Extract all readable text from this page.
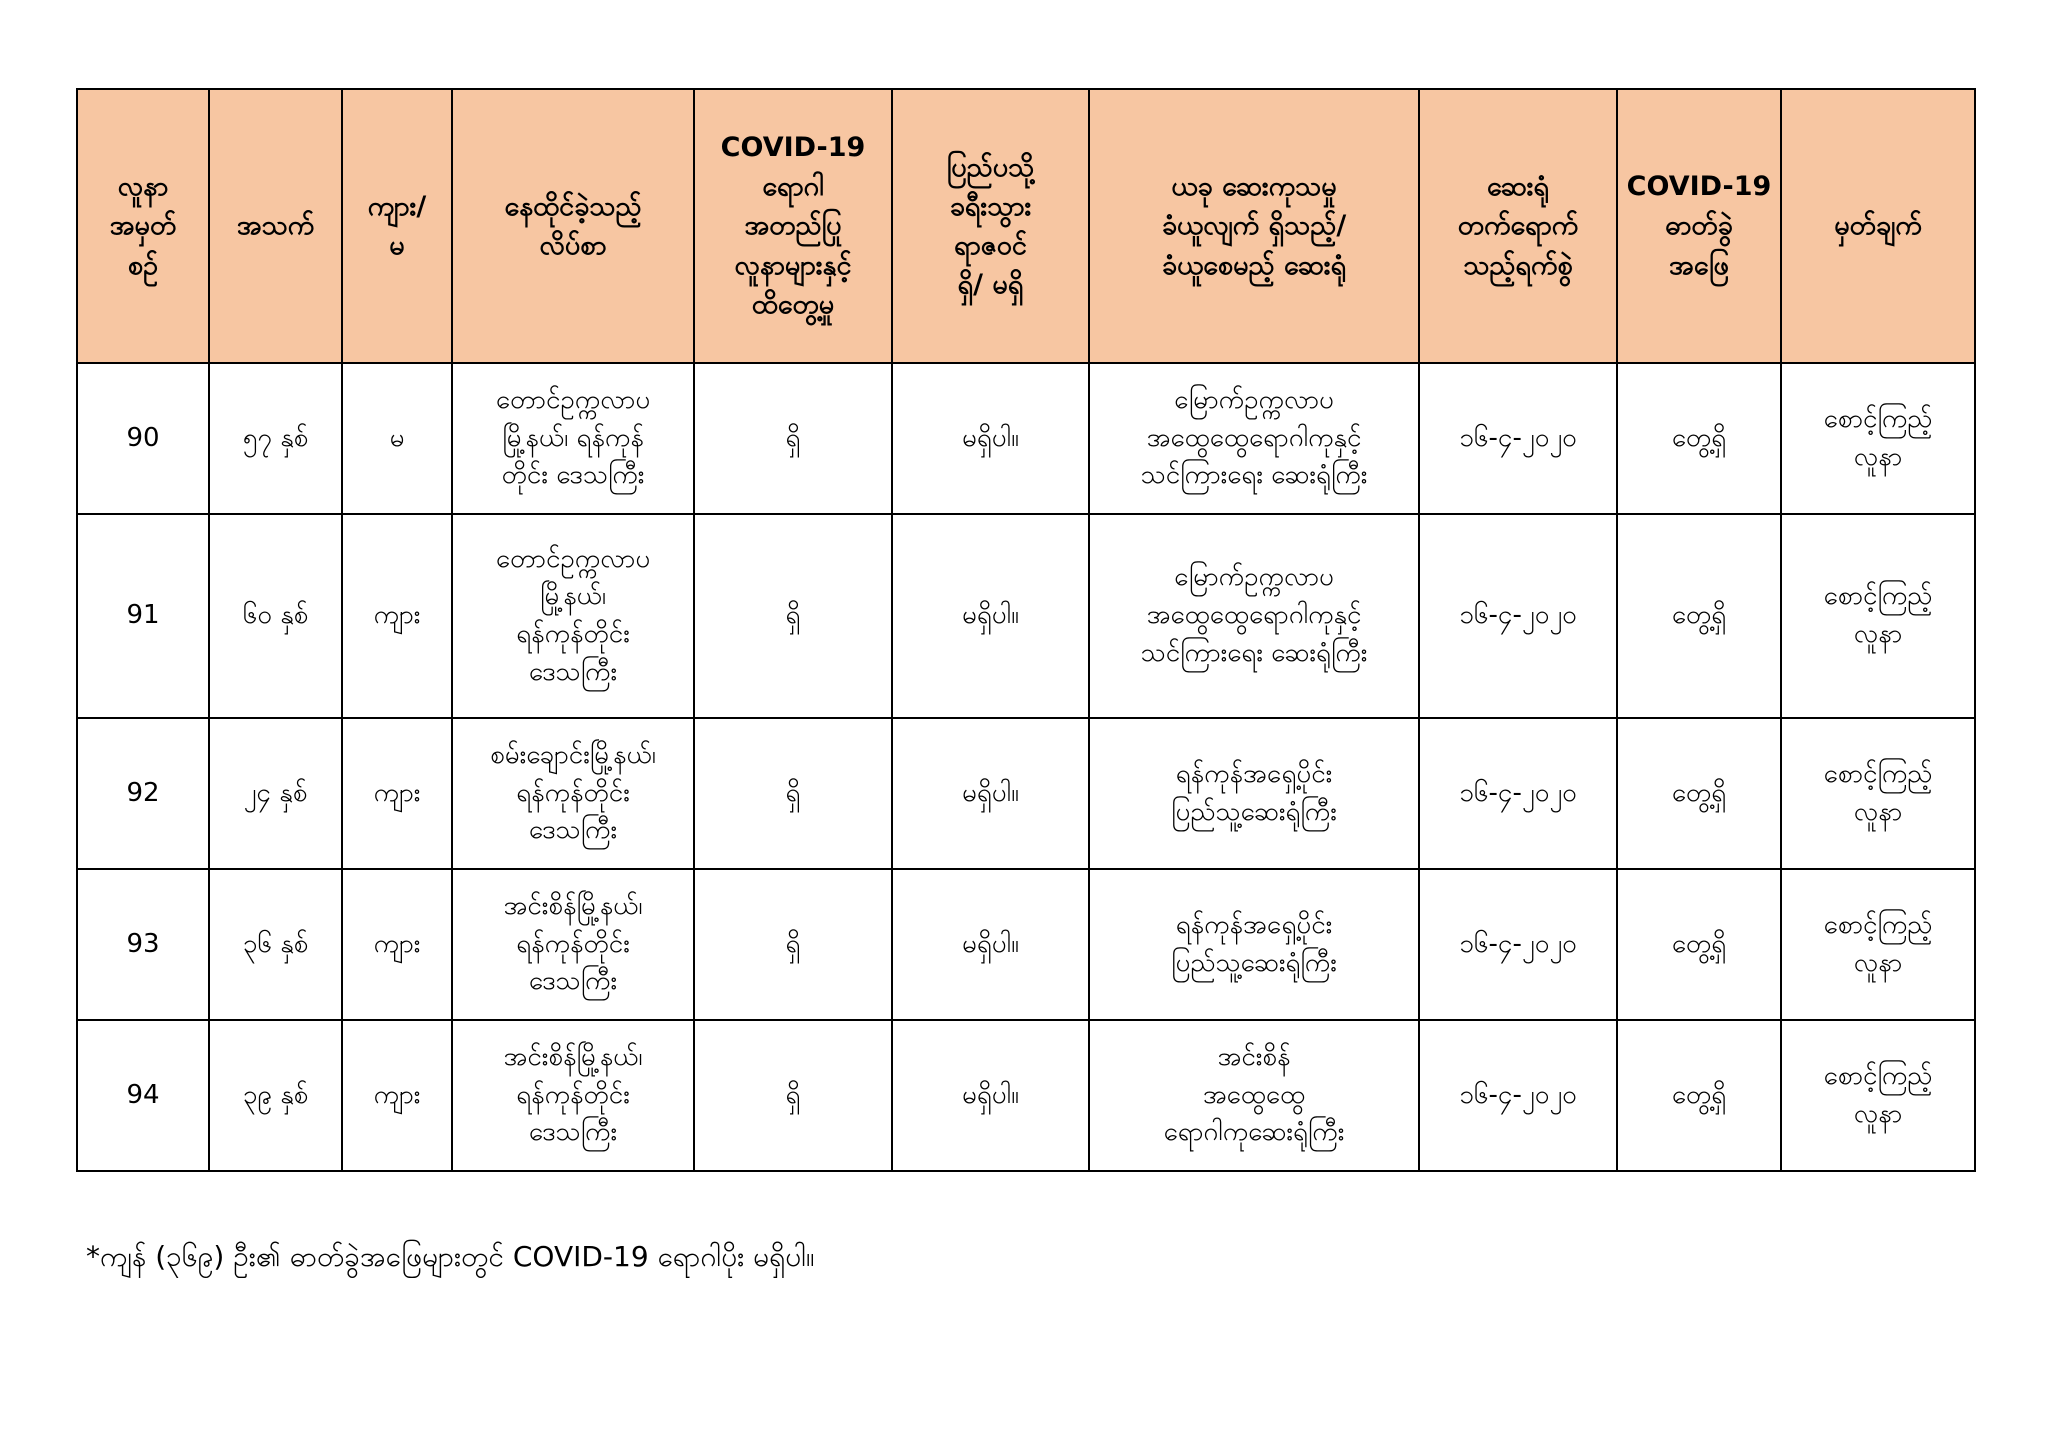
လူနာ
အမှတ်
စဉ်	အသက်	ကျား/
မ	နေထိုင်ခဲ့သည့်
လိပ်စာ	COVID-19
ရောဂါ
အတည်ပြု
လူနာများနှင့်
ထိတွေ့မှု	ပြည်ပသို့
ခရီးသွား
ရာဇဝင်
ရှိ/ မရှိ	ယခု ဆေးကုသမှု
ခံယူလျက် ရှိသည့်/
ခံယူစေမည့် ဆေးရုံ	ဆေးရုံ
တက်ရောက်
သည့်ရက်စွဲ	COVID-19
ဓာတ်ခွဲ
အဖြေ	မှတ်ချက်

90	၅၇ နှစ်	မ	တောင်ဥက္ကလာပ
မြို့နယ်၊ ရန်ကုန်
တိုင်း ဒေသကြီး	ရှိ	မရှိပါ။	မြောက်ဥက္ကလာပ
အထွေထွေရောဂါကုနှင့်
သင်ကြားရေး ဆေးရုံကြီး	၁၆-၄-၂၀၂၀	တွေ့ရှိ	စောင့်ကြည့်
လူနာ

91	၆၀ နှစ်	ကျား	တောင်ဥက္ကလာပ
မြို့နယ်၊
ရန်ကုန်တိုင်း
ဒေသကြီး	ရှိ	မရှိပါ။	မြောက်ဥက္ကလာပ
အထွေထွေရောဂါကုနှင့်
သင်ကြားရေး ဆေးရုံကြီး	၁၆-၄-၂၀၂၀	တွေ့ရှိ	စောင့်ကြည့်
လူနာ

92	၂၄ နှစ်	ကျား	စမ်းချောင်းမြို့နယ်၊
ရန်ကုန်တိုင်း
ဒေသကြီး	ရှိ	မရှိပါ။	ရန်ကုန်အရှေ့ပိုင်း
ပြည်သူ့ဆေးရုံကြီး	၁၆-၄-၂၀၂၀	တွေ့ရှိ	စောင့်ကြည့်
လူနာ

93	၃၆ နှစ်	ကျား	အင်းစိန်မြို့နယ်၊
ရန်ကုန်တိုင်း
ဒေသကြီး	ရှိ	မရှိပါ။	ရန်ကုန်အရှေ့ပိုင်း
ပြည်သူ့ဆေးရုံကြီး	၁၆-၄-၂၀၂၀	တွေ့ရှိ	စောင့်ကြည့်
လူနာ

94	၃၉ နှစ်	ကျား	အင်းစိန်မြို့နယ်၊
ရန်ကုန်တိုင်း
ဒေသကြီး	ရှိ	မရှိပါ။	အင်းစိန်
အထွေထွေ
ရောဂါကုဆေးရုံကြီး	၁၆-၄-၂၀၂၀	တွေ့ရှိ	စောင့်ကြည့်
လူနာ
*ကျန် (၃၆၉) ဦး၏ ဓာတ်ခွဲအဖြေများတွင် COVID-19 ရောဂါပိုး မရှိပါ။
